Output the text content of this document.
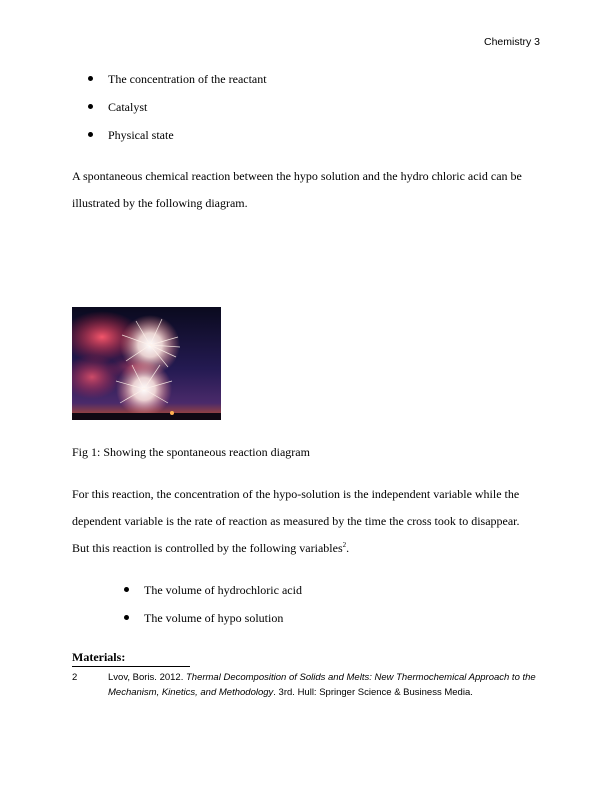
Chemistry 3
The concentration of the reactant
Catalyst
Physical state
A spontaneous chemical reaction between the hypo solution and the hydro chloric acid can be
illustrated by the following diagram.
Fig 1: Showing the spontaneous reaction diagram
For this reaction, the concentration of the hypo-solution is the independent variable while the
dependent variable is the rate of reaction as measured by the time the cross took to disappear.
But this reaction is controlled by the following variables$^2$.
The volume of hydrochloric acid
The volume of hypo solution
Materials:
2	Lvov, Boris. 2012. Thermal Decomposition of Solids and Melts: New Thermochemical Approach to the Mechanism, Kinetics, and Methodology. 3rd. Hull: Springer Science & Business Media.
